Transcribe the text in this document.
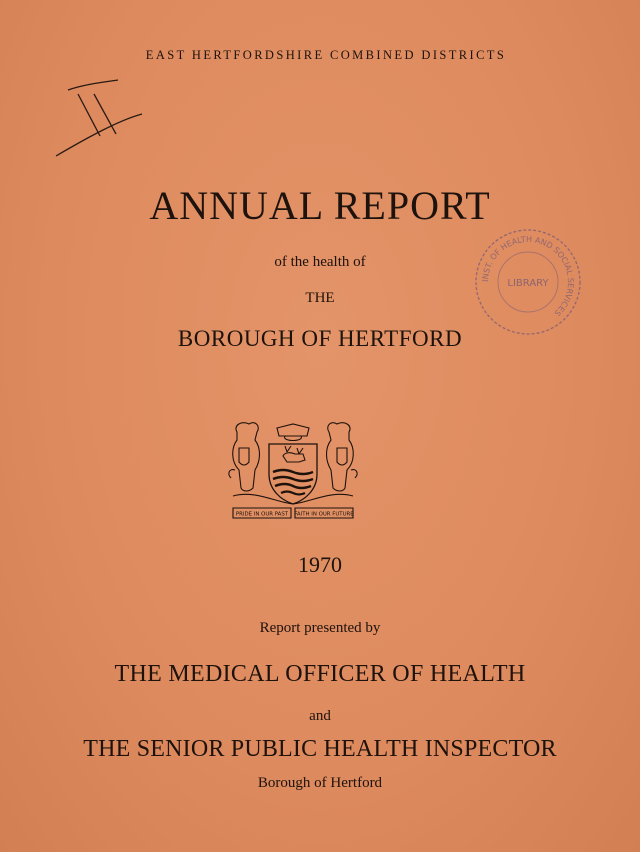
EAST HERTFORDSHIRE COMBINED DISTRICTS
ANNUAL REPORT
of the health of
THE
BOROUGH OF HERTFORD
INST. OF HEALTH AND SOCIAL SERVICES
LIBRARY
PRIDE IN OUR PAST FAITH IN OUR FUTURE
1970
Report presented by
THE MEDICAL OFFICER OF HEALTH
and
THE SENIOR PUBLIC HEALTH INSPECTOR
Borough of Hertford
